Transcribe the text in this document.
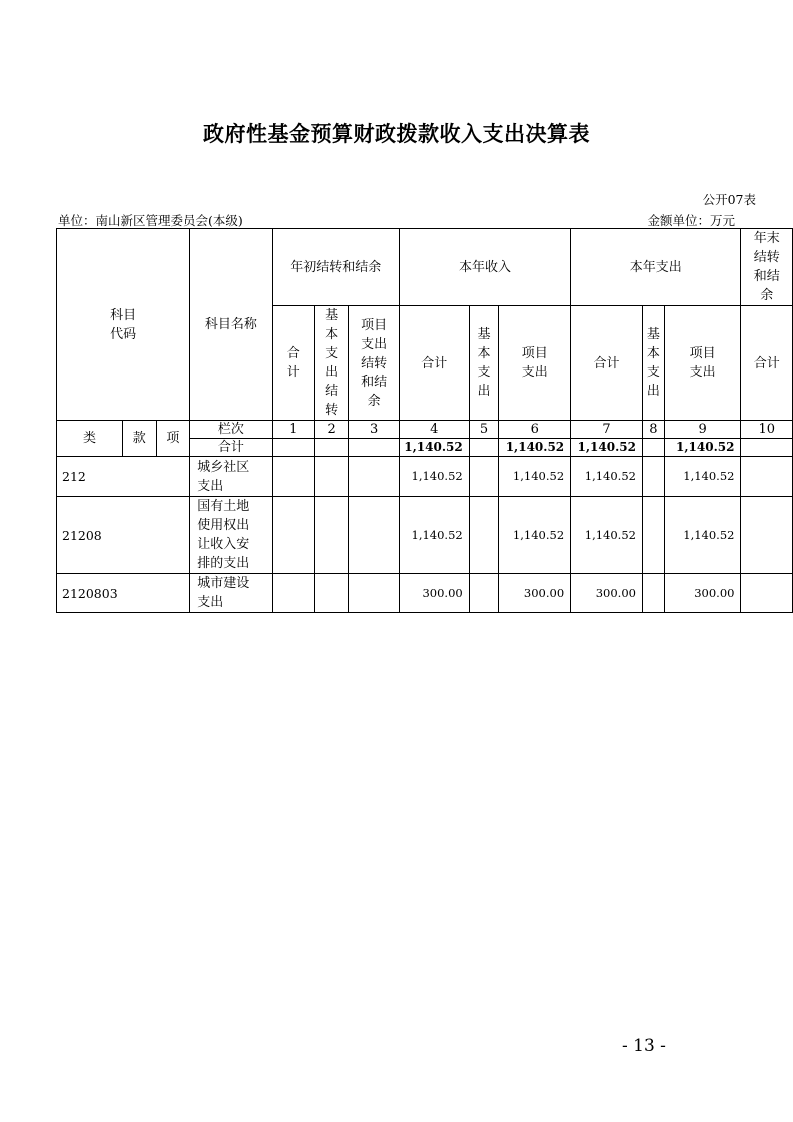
政府性基金预算财政拨款收入支出决算表
公开07表
单位：南山新区管理委员会(本级)	金额单位：万元
科目代码			科目名称	年初结转和结余			本年收入			本年支出			年末结转和结余
				合计	基本支出结转	项目支出结转和结余	合计	基本支出	项目支出	合计	基本支出	项目支出	合计
类	款	项	栏次	1	2	3	4	5	6	7	8	9	10
			合计				1,140.52		1,140.52	1,140.52		1,140.52	
212			城乡社区支出				1,140.52		1,140.52	1,140.52		1,140.52	
21208			国有土地使用权出让收入安排的支出				1,140.52		1,140.52	1,140.52		1,140.52	
2120803			城市建设支出				300.00		300.00	300.00		300.00	
- 13 -
